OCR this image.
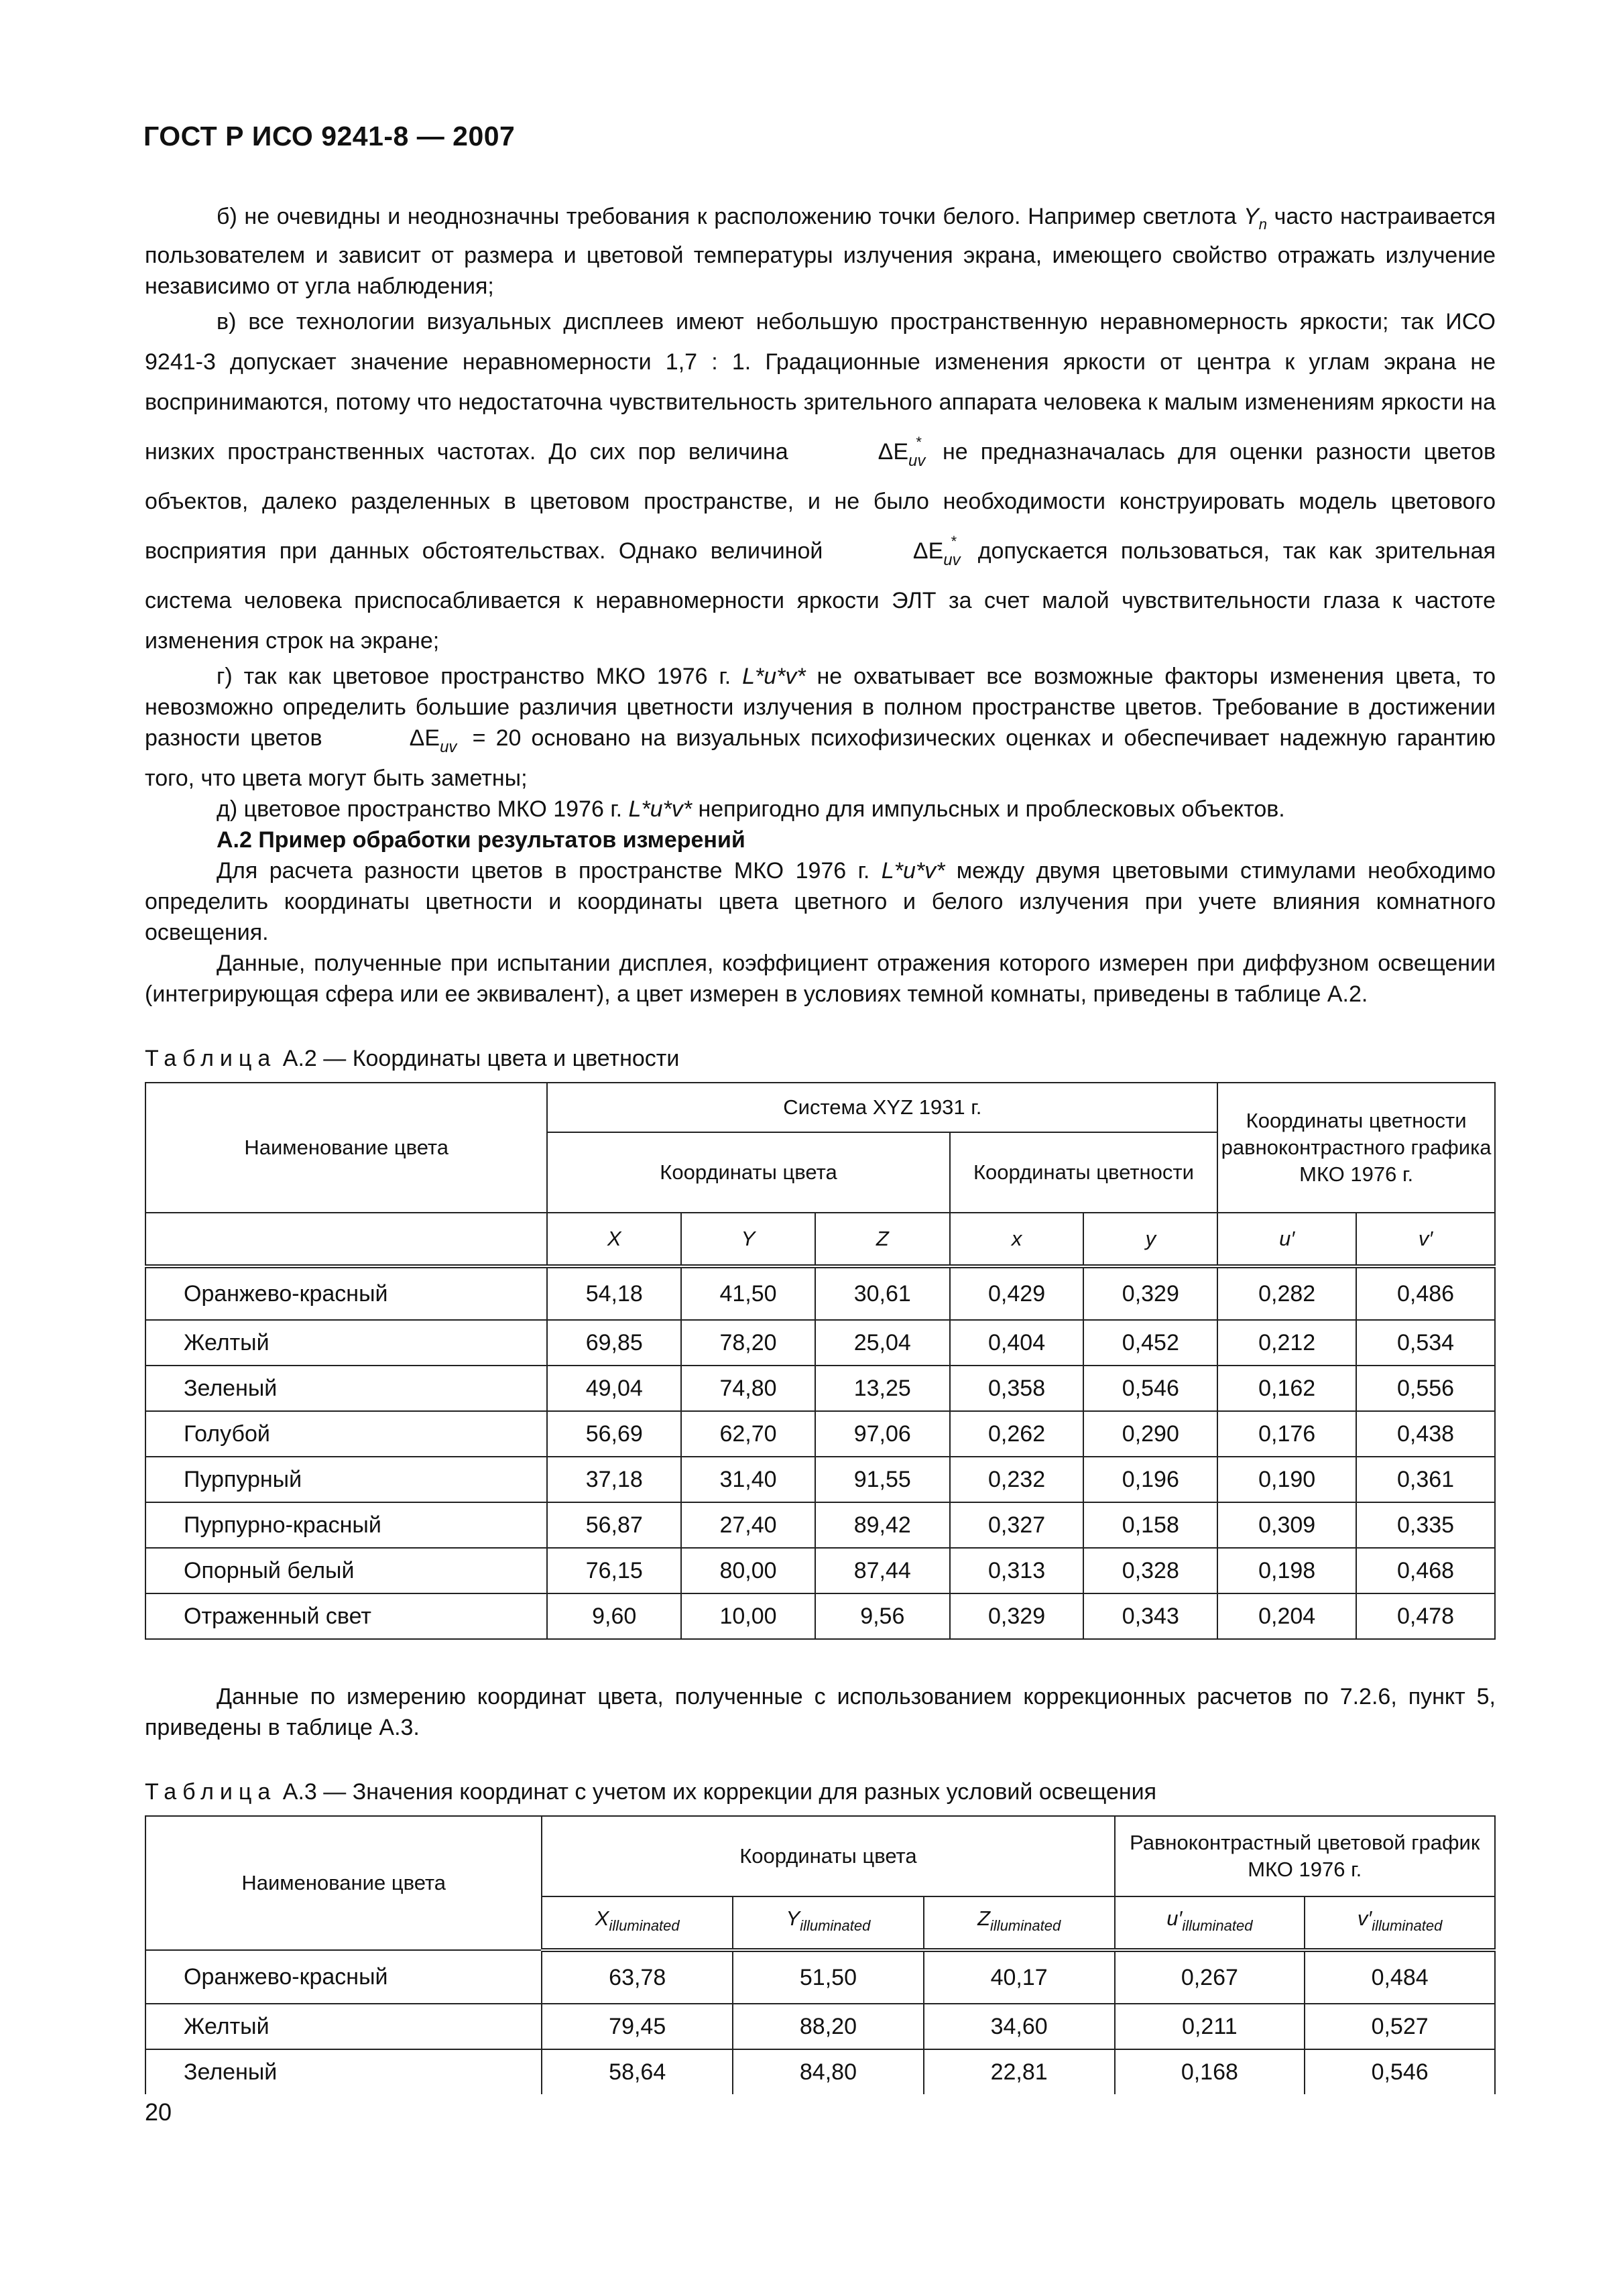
ГОСТ Р ИСО 9241-8 — 2007

б) не очевидны и неоднозначны требования к расположению точки белого. Например светлота $Y_n$ часто настраивается пользователем и зависит от размера и цветовой температуры излучения экрана, имеющего свойство отражать излучение независимо от угла наблюдения;

в) все технологии визуальных дисплеев имеют небольшую пространственную неравномерность яркости; так ИСО 9241-3 допускает значение неравномерности 1,7 : 1. Градационные изменения яркости от центра к углам экрана не воспринимаются, потому что недостаточна чувствительность зрительного аппарата человека к малым изменениям яркости на низких пространственных частотах. До сих пор величина	$\Delta E_{uv}^*$ не предназначалась для оценки разности цветов объектов, далеко разделенных в цветовом пространстве, и не было необходимости конструировать модель цветового восприятия при данных обстоятельствах. Однако величиной	$\Delta E_{uv}^*$ допускается пользоваться, так как зрительная система человека приспосабливается к неравномерности яркости ЭЛТ за счет малой чувствительности глаза к частоте изменения строк на экране;

г) так как цветовое пространство МКО 1976 г. L*u*v* не охватывает все возможные факторы изменения цвета, то невозможно определить большие различия цветности излучения в полном пространстве цветов. Требование в достижении разности цветов	$\Delta E_{uv} = 20$ основано на визуальных психофизических оценках и обеспечивает надежную гарантию того, что цвета могут быть заметны;

д) цветовое пространство МКО 1976 г. L*u*v* непригодно для импульсных и проблесковых объектов.

А.2 Пример обработки результатов измерений

Для расчета разности цветов в пространстве МКО 1976 г. L*u*v* между двумя цветовыми стимулами необходимо определить координаты цветности и координаты цвета цветного и белого излучения при учете влияния комнатного освещения.

Данные, полученные при испытании дисплея, коэффициент отражения которого измерен при диффузном освещении (интегрирующая сфера или ее эквивалент), а цвет измерен в условиях темной комнаты, приведены в таблице А.2.

Таблица А.2 — Координаты цвета и цветности
Наименование цвета	Система XYZ 1931 г.					Координаты цветности равноконтрастного графика МКО 1976 г.	
	Координаты цвета			Координаты цветности			
	X	Y	Z	x	y	u′	v′
Оранжево-красный	54,18	41,50	30,61	0,429	0,329	0,282	0,486
Желтый	69,85	78,20	25,04	0,404	0,452	0,212	0,534
Зеленый	49,04	74,80	13,25	0,358	0,546	0,162	0,556
Голубой	56,69	62,70	97,06	0,262	0,290	0,176	0,438
Пурпурный	37,18	31,40	91,55	0,232	0,196	0,190	0,361
Пурпурно-красный	56,87	27,40	89,42	0,327	0,158	0,309	0,335
Опорный белый	76,15	80,00	87,44	0,313	0,328	0,198	0,468
Отраженный свет	9,60	10,00	9,56	0,329	0,343	0,204	0,478

Данные по измерению координат цвета, полученные с использованием коррекционных расчетов по 7.2.6, пункт 5, приведены в таблице А.3.

Таблица А.3 — Значения координат с учетом их коррекции для разных условий освещения
Наименование цвета	Координаты цвета			Равноконтрастный цветовой график МКО 1976 г.	
	$X_{illuminated}$	$Y_{illuminated}$	$Z_{illuminated}$	$u'_{illuminated}$	$v'_{illuminated}$
Оранжево-красный	63,78	51,50	40,17	0,267	0,484
Желтый	79,45	88,20	34,60	0,211	0,527
Зеленый	58,64	84,80	22,81	0,168	0,546
20
